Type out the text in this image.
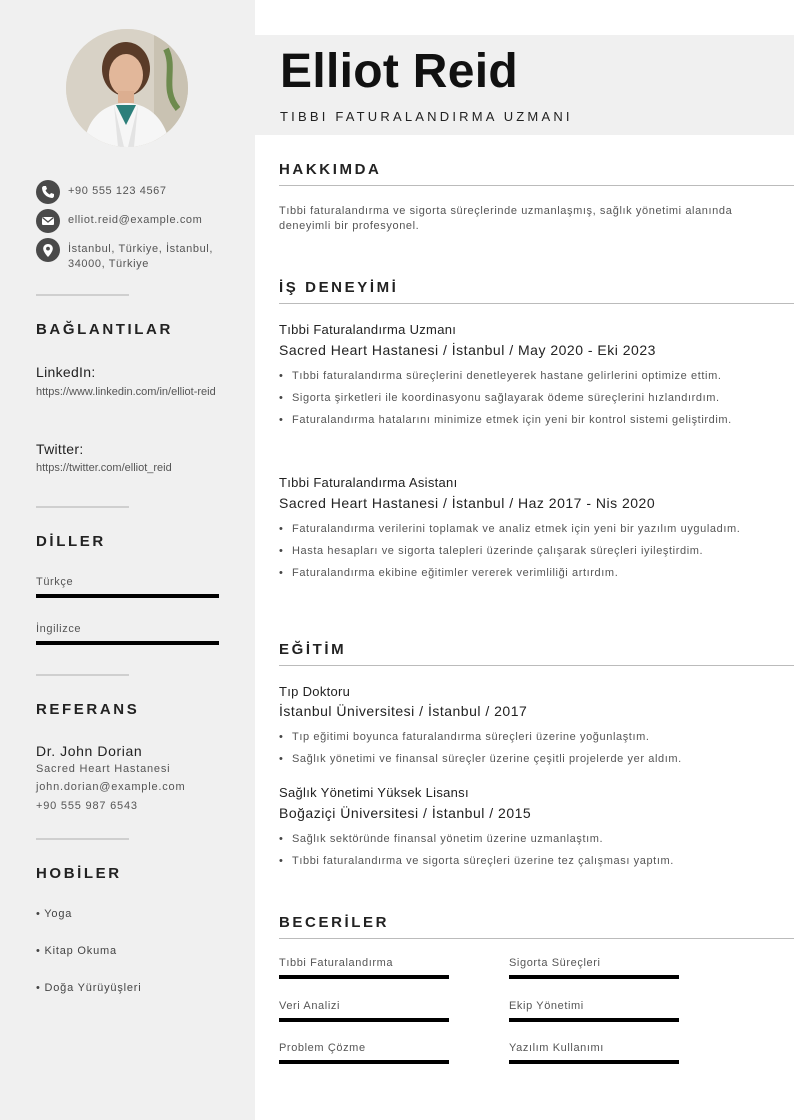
+90 555 123 4567
elliot.reid@example.com
İstanbul, Türkiye, İstanbul,
34000, Türkiye
BAĞLANTILAR
LinkedIn:
https://www.linkedin.com/in/elliot-reid
Twitter:
https://twitter.com/elliot_reid
DİLLER
Türkçe
İngilizce
REFERANS
Dr. John Dorian
Sacred Heart Hastanesi
john.dorian@example.com
+90 555 987 6543
HOBİLER
• Yoga
• Kitap Okuma
• Doğa Yürüyüşleri
Elliot Reid
TIBBI FATURALANDIRMA UZMANI
HAKKIMDA
Tıbbi faturalandırma ve sigorta süreçlerinde uzmanlaşmış, sağlık yönetimi alanında deneyimli bir profesyonel.
İŞ DENEYİMİ
Tıbbi Faturalandırma Uzmanı
Sacred Heart Hastanesi / İstanbul / May 2020 - Eki 2023
• Tıbbi faturalandırma süreçlerini denetleyerek hastane gelirlerini optimize ettim.
• Sigorta şirketleri ile koordinasyonu sağlayarak ödeme süreçlerini hızlandırdım.
• Faturalandırma hatalarını minimize etmek için yeni bir kontrol sistemi geliştirdim.
Tıbbi Faturalandırma Asistanı
Sacred Heart Hastanesi / İstanbul / Haz 2017 - Nis 2020
• Faturalandırma verilerini toplamak ve analiz etmek için yeni bir yazılım uyguladım.
• Hasta hesapları ve sigorta talepleri üzerinde çalışarak süreçleri iyileştirdim.
• Faturalandırma ekibine eğitimler vererek verimliliği artırdım.
EĞİTİM
Tıp Doktoru
İstanbul Üniversitesi / İstanbul / 2017
• Tıp eğitimi boyunca faturalandırma süreçleri üzerine yoğunlaştım.
• Sağlık yönetimi ve finansal süreçler üzerine çeşitli projelerde yer aldım.
Sağlık Yönetimi Yüksek Lisansı
Boğaziçi Üniversitesi / İstanbul / 2015
• Sağlık sektöründe finansal yönetim üzerine uzmanlaştım.
• Tıbbi faturalandırma ve sigorta süreçleri üzerine tez çalışması yaptım.
BECERİLER
Tıbbi Faturalandırma	Sigorta Süreçleri
Veri Analizi	Ekip Yönetimi
Problem Çözme	Yazılım Kullanımı
